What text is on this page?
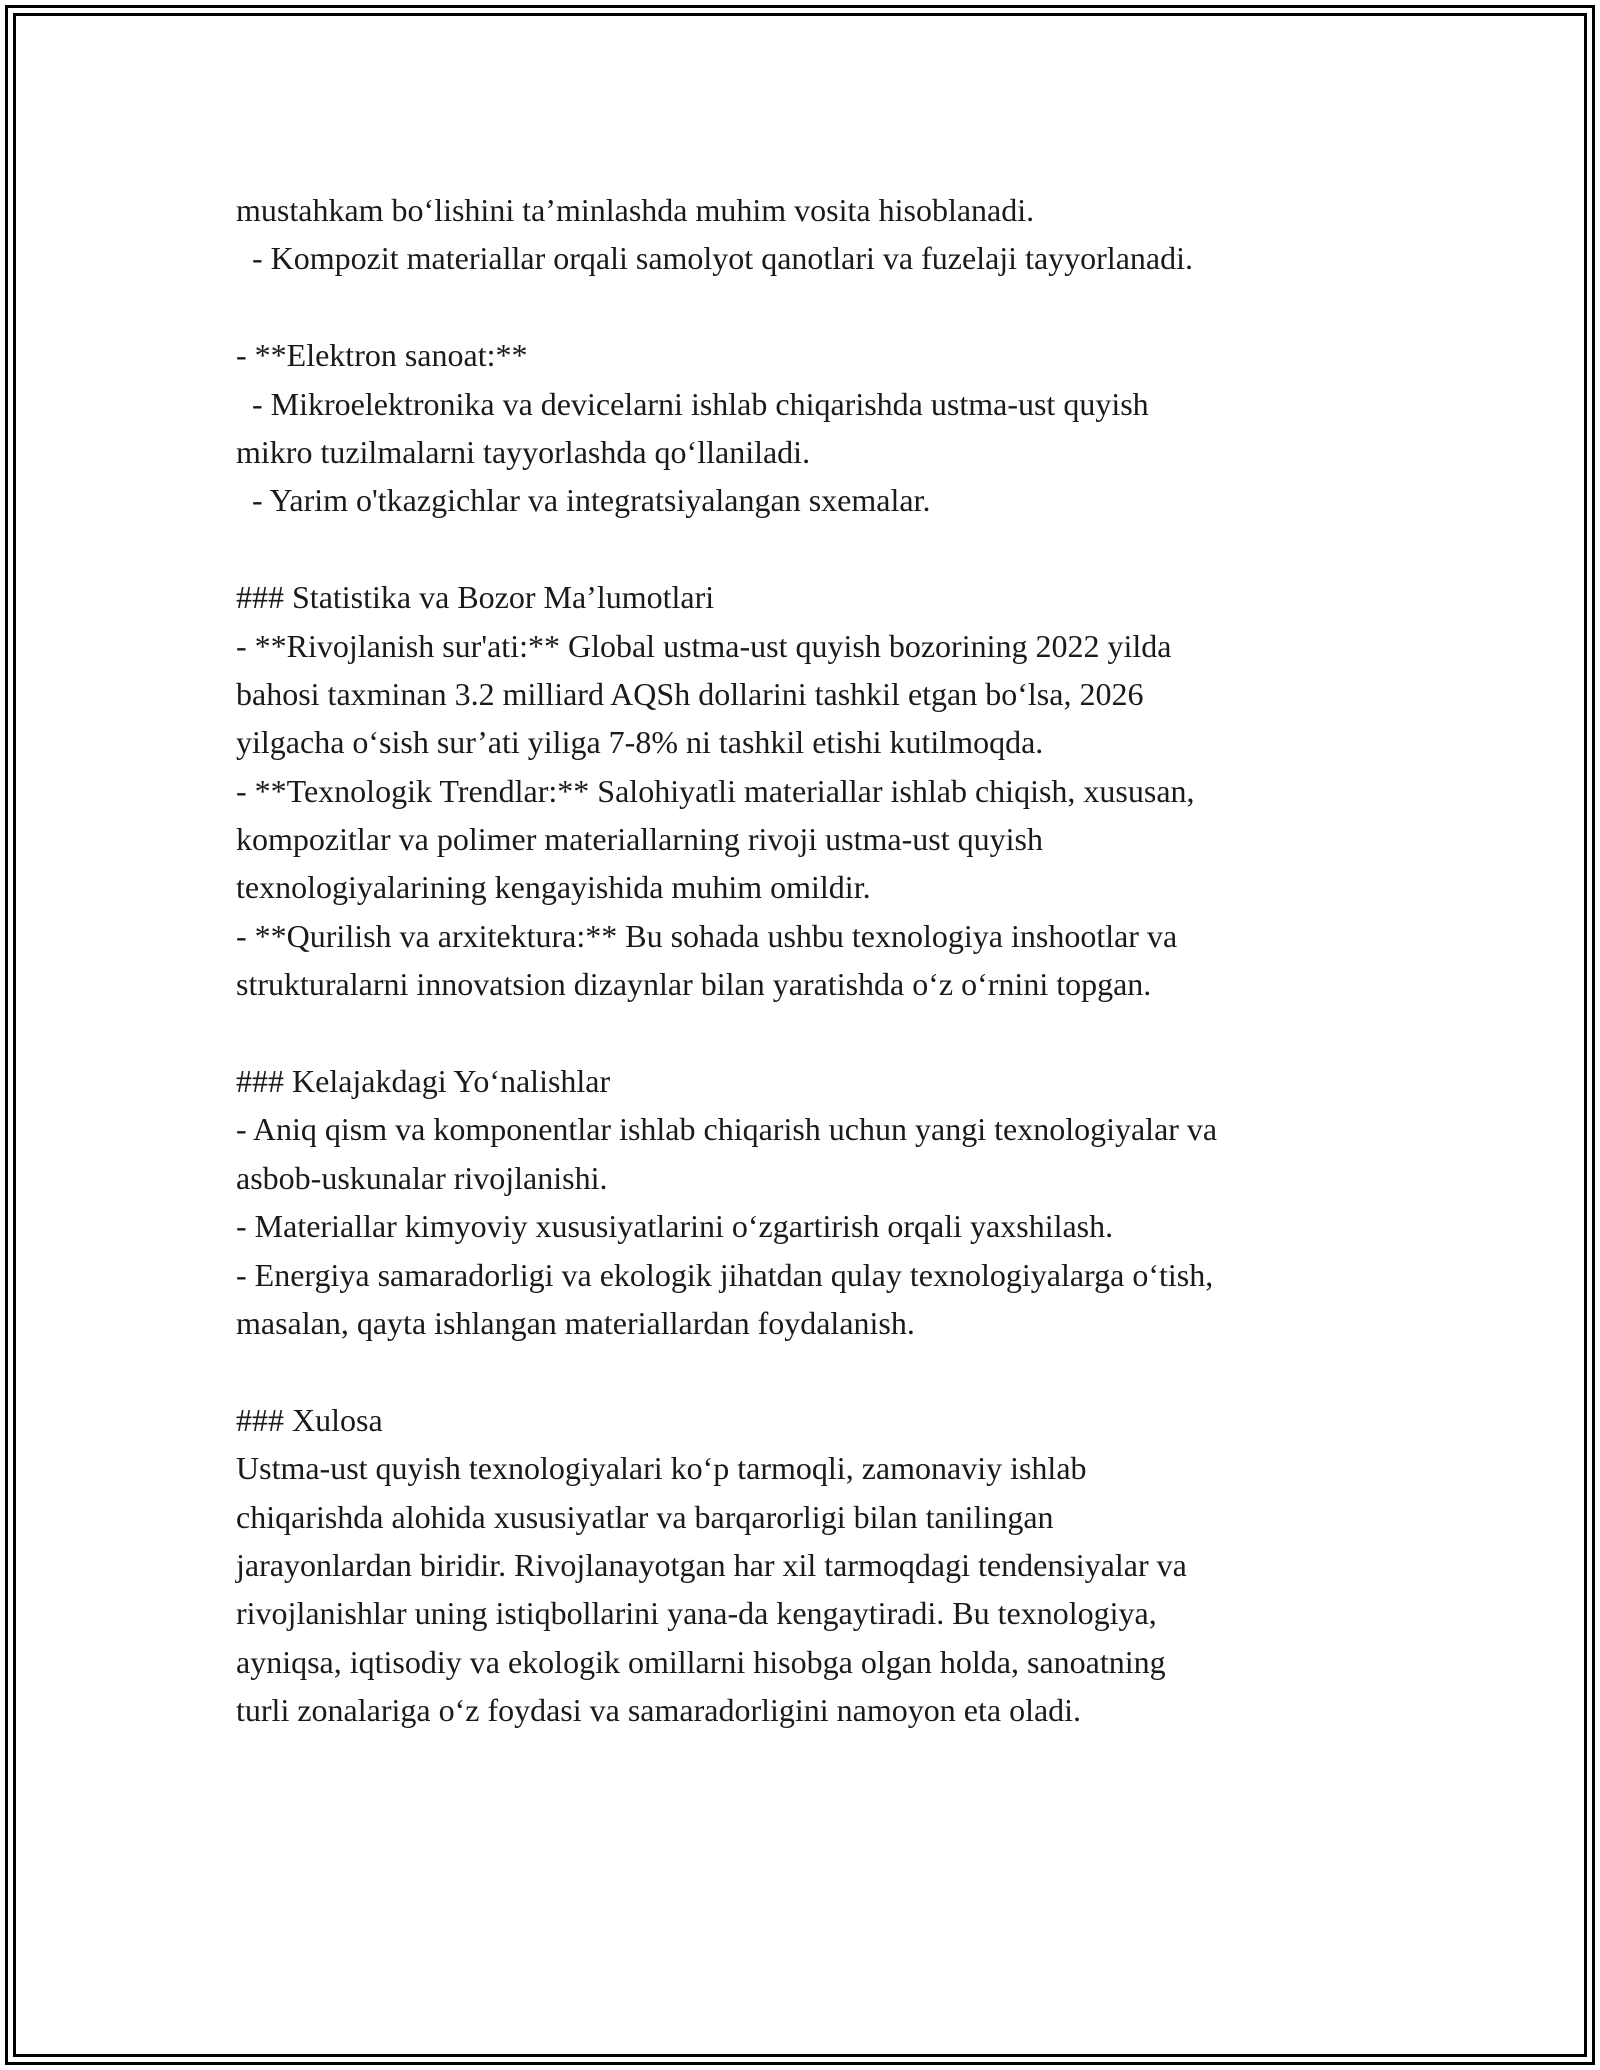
mustahkam bo‘lishini ta’minlashda muhim vosita hisoblanadi.
- Kompozit materiallar orqali samolyot qanotlari va fuzelaji tayyorlanadi.
- **Elektron sanoat:**
- Mikroelektronika va devicelarni ishlab chiqarishda ustma-ust quyish
mikro tuzilmalarni tayyorlashda qo‘llaniladi.
- Yarim o'tkazgichlar va integratsiyalangan sxemalar.
### Statistika va Bozor Ma’lumotlari
- **Rivojlanish sur'ati:** Global ustma-ust quyish bozorining 2022 yilda
bahosi taxminan 3.2 milliard AQSh dollarini tashkil etgan bo‘lsa, 2026
yilgacha o‘sish sur’ati yiliga 7-8% ni tashkil etishi kutilmoqda.
- **Texnologik Trendlar:** Salohiyatli materiallar ishlab chiqish, xususan,
kompozitlar va polimer materiallarning rivoji ustma-ust quyish
texnologiyalarining kengayishida muhim omildir.
- **Qurilish va arxitektura:** Bu sohada ushbu texnologiya inshootlar va
strukturalarni innovatsion dizaynlar bilan yaratishda o‘z o‘rnini topgan.
### Kelajakdagi Yo‘nalishlar
- Aniq qism va komponentlar ishlab chiqarish uchun yangi texnologiyalar va
asbob-uskunalar rivojlanishi.
- Materiallar kimyoviy xususiyatlarini o‘zgartirish orqali yaxshilash.
- Energiya samaradorligi va ekologik jihatdan qulay texnologiyalarga o‘tish,
masalan, qayta ishlangan materiallardan foydalanish.
### Xulosa
Ustma-ust quyish texnologiyalari ko‘p tarmoqli, zamonaviy ishlab
chiqarishda alohida xususiyatlar va barqarorligi bilan tanilingan
jarayonlardan biridir. Rivojlanayotgan har xil tarmoqdagi tendensiyalar va
rivojlanishlar uning istiqbollarini yana-da kengaytiradi. Bu texnologiya,
ayniqsa, iqtisodiy va ekologik omillarni hisobga olgan holda, sanoatning
turli zonalariga o‘z foydasi va samaradorligini namoyon eta oladi.
